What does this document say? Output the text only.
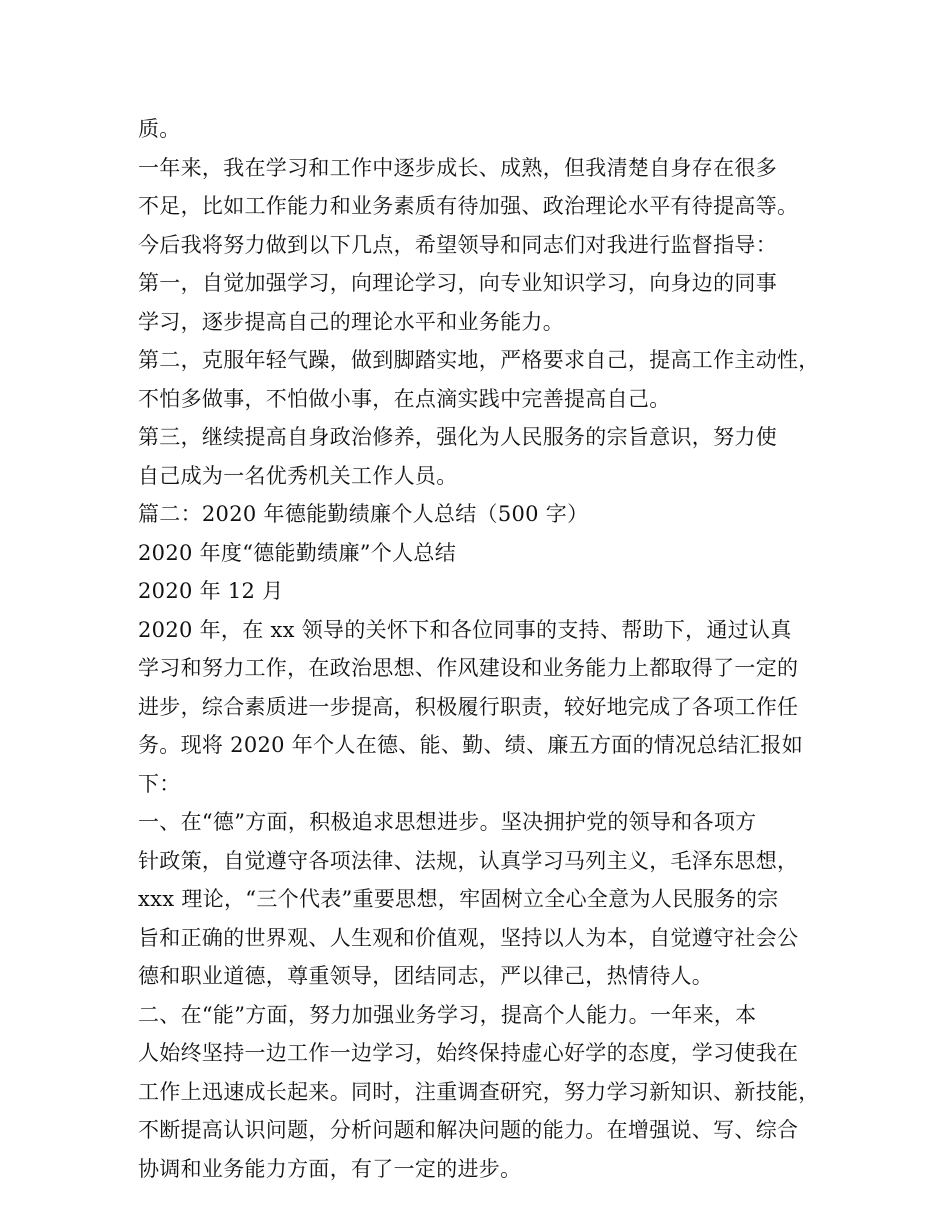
质。
一年来，我在学习和工作中逐步成长、成熟，但我清楚自身存在很多
不足，比如工作能力和业务素质有待加强、政治理论水平有待提高等。
今后我将努力做到以下几点，希望领导和同志们对我进行监督指导：
第一，自觉加强学习，向理论学习，向专业知识学习，向身边的同事
学习，逐步提高自己的理论水平和业务能力。
第二，克服年轻气躁，做到脚踏实地，严格要求自己，提高工作主动性，
不怕多做事，不怕做小事，在点滴实践中完善提高自己。
第三，继续提高自身政治修养，强化为人民服务的宗旨意识，努力使
自己成为一名优秀机关工作人员。
篇二：2020 年德能勤绩廉个人总结（500 字）
2020 年度“德能勤绩廉”个人总结
2020 年 12 月
2020 年，在 xx 领导的关怀下和各位同事的支持、帮助下，通过认真
学习和努力工作，在政治思想、作风建设和业务能力上都取得了一定的
进步，综合素质进一步提高，积极履行职责，较好地完成了各项工作任
务。现将 2020 年个人在德、能、勤、绩、廉五方面的情况总结汇报如
下：
一、在“德”方面，积极追求思想进步。坚决拥护党的领导和各项方
针政策，自觉遵守各项法律、法规，认真学习马列主义，毛泽东思想，
xxx 理论，“三个代表”重要思想，牢固树立全心全意为人民服务的宗
旨和正确的世界观、人生观和价值观，坚持以人为本，自觉遵守社会公
德和职业道德，尊重领导，团结同志，严以律己，热情待人。
二、在“能”方面，努力加强业务学习，提高个人能力。一年来，本
人始终坚持一边工作一边学习，始终保持虚心好学的态度，学习使我在
工作上迅速成长起来。同时，注重调查研究，努力学习新知识、新技能，
不断提高认识问题，分析问题和解决问题的能力。在增强说、写、综合
协调和业务能力方面，有了一定的进步。
